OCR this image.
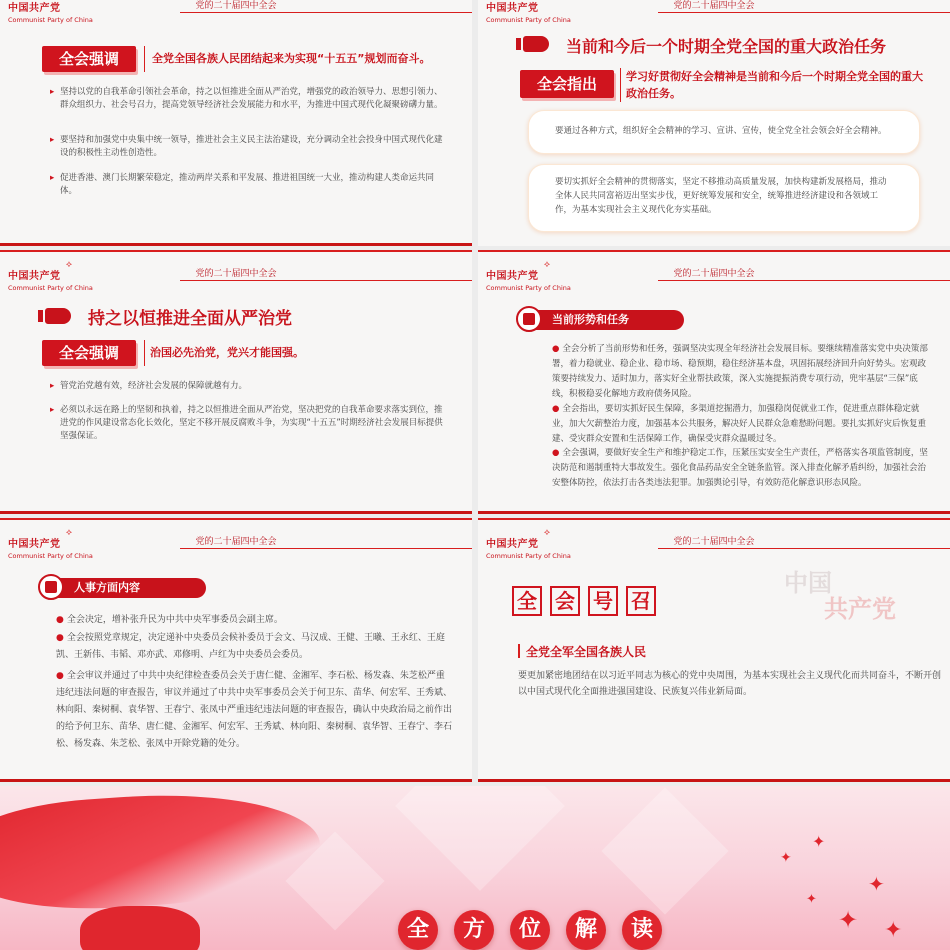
中国共产党
Communist Party of China
党的二十届四中全会
全会强调	全党全国各族人民团结起来为实现“十五五”规划而奋斗。
▸ 坚持以党的自我革命引领社会革命，持之以恒推进全面从严治党，增强党的政治领导力、思想引领力、群众组织力、社会号召力，提高党领导经济社会发展能力和水平，为推进中国式现代化凝聚磅礴力量。
▸ 要坚持和加强党中央集中统一领导，推进社会主义民主法治建设，充分调动全社会投身中国式现代化建设的积极性主动性创造性。
▸ 促进香港、澳门长期繁荣稳定，推动两岸关系和平发展、推进祖国统一大业，推动构建人类命运共同体。
中国共产党
Communist Party of China
党的二十届四中全会
当前和今后一个时期全党全国的重大政治任务
全会指出	学习好贯彻好全会精神是当前和今后一个时期全党全国的重大政治任务。
要通过各种方式，组织好全会精神的学习、宣讲、宣传，使全党全社会领会好全会精神。
要切实抓好全会精神的贯彻落实，坚定不移推动高质量发展，加快构建新发展格局，推动全体人民共同富裕迈出坚实步伐，更好统筹发展和安全，统筹推进经济建设和各领域工作，为基本实现社会主义现代化夯实基础。
中国共产党
⟡
Communist Party of China
党的二十届四中全会
持之以恒推进全面从严治党
全会强调	治国必先治党，党兴才能国强。
▸ 管党治党越有效，经济社会发展的保障就越有力。
▸ 必须以永远在路上的坚韧和执着，持之以恒推进全面从严治党，坚决把党的自我革命要求落实到位，推进党的作风建设常态化长效化，坚定不移开展反腐败斗争，为实现“十五五”时期经济社会发展目标提供坚强保证。
中国共产党
⟡
Communist Party of China
党的二十届四中全会
当前形势和任务
● 全会分析了当前形势和任务，强调坚决实现全年经济社会发展目标。要继续精准落实党中央决策部署，着力稳就业、稳企业、稳市场、稳预期，稳住经济基本盘，巩固拓展经济回升向好势头。宏观政策要持续发力、适时加力，落实好全业帮扶政策，深入实施提振消费专项行动，兜牢基层“三保”底线，积极稳妥化解地方政府债务风险。
● 全会指出，要切实抓好民生保障，多渠道挖掘潜力，加强稳岗促就业工作，促进重点群体稳定就业，加大欠薪整治力度，加强基本公共服务，解决好人民群众急难愁盼问题。要扎实抓好灾后恢复重建、受灾群众安置和生活保障工作，确保受灾群众温暖过冬。
● 全会强调，要做好安全生产和维护稳定工作，压紧压实安全生产责任，严格落实各项监管制度，坚决防范和遏制重特大事故发生。强化食品药品安全全链条监管。深入排查化解矛盾纠纷，加强社会治安整体防控，依法打击各类违法犯罪。加强舆论引导，有效防范化解意识形态风险。
中国共产党
⟡
Communist Party of China
党的二十届四中全会
人事方面内容
● 全会决定，增补张升民为中共中央军事委员会副主席。
● 全会按照党章规定，决定递补中央委员会候补委员于会文、马汉成、王健、王曦、王永红、王庭凯、王新伟、韦韬、邓亦武、邓修明、卢红为中央委员会委员。
● 全会审议并通过了中共中央纪律检查委员会关于唐仁健、金湘军、李石松、杨发森、朱芝松严重违纪违法问题的审查报告，审议并通过了中共中央军事委员会关于何卫东、苗华、何宏军、王秀斌、林向阳、秦树桐、袁华智、王春宁、张凤中严重违纪违法问题的审查报告，确认中央政治局之前作出的给予何卫东、苗华、唐仁健、金湘军、何宏军、王秀斌、林向阳、秦树桐、袁华智、王春宁、李石松、杨发森、朱芝松、张凤中开除党籍的处分。
中国共产党
⟡
Communist Party of China
党的二十届四中全会
中国
共产党
全 会 号 召
全党全军全国各族人民
要更加紧密地团结在以习近平同志为核心的党中央周围，为基本实现社会主义现代化而共同奋斗，不断开创以中国式现代化全面推进强国建设、民族复兴伟业新局面。
✦
✦
✦
✦
✦ ✦
全	方	位	解	读
